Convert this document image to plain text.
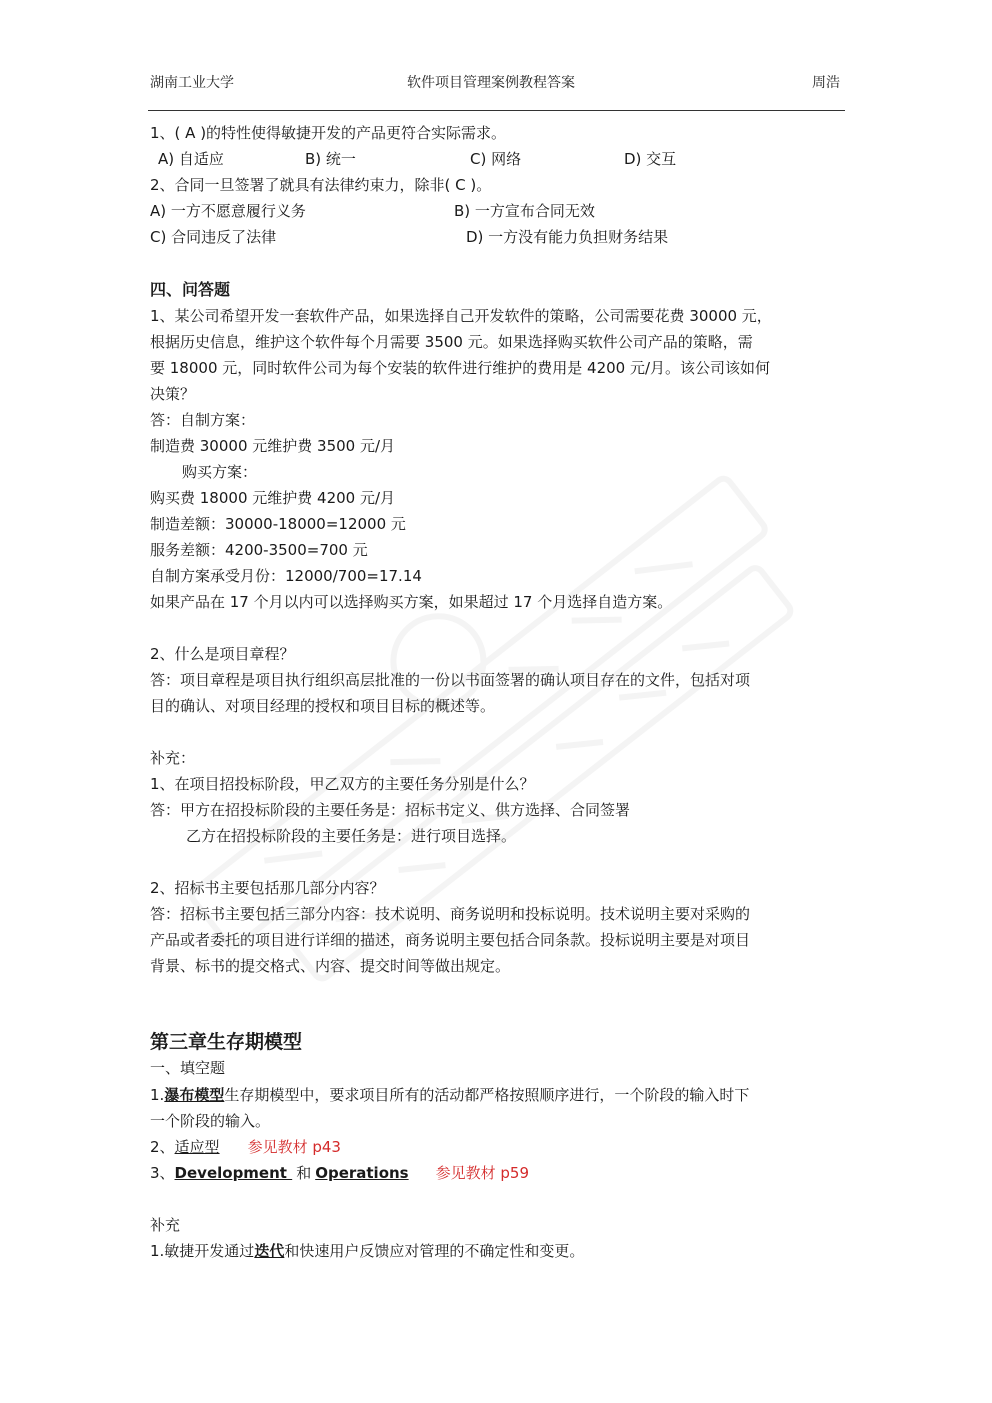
湖南工业大学	软件项目管理案例教程答案	周浩
1、( A )的特性使得敏捷开发的产品更符合实际需求。
A) 自适应	B) 统一	C) 网络	D) 交互
2、合同一旦签署了就具有法律约束力，除非( C )。
A) 一方不愿意履行义务	B) 一方宣布合同无效
C) 合同违反了法律	D) 一方没有能力负担财务结果
四、问答题
1、某公司希望开发一套软件产品，如果选择自己开发软件的策略，公司需要花费 30000 元，
根据历史信息，维护这个软件每个月需要 3500 元。如果选择购买软件公司产品的策略，需
要 18000 元，同时软件公司为每个安装的软件进行维护的费用是 4200 元/月。该公司该如何
决策？
答：自制方案：
制造费 30000 元维护费 3500 元/月
购买方案：
购买费 18000 元维护费 4200 元/月
制造差额：30000-18000=12000 元
服务差额：4200-3500=700 元
自制方案承受月份：12000/700=17.14
如果产品在 17 个月以内可以选择购买方案，如果超过 17 个月选择自造方案。
2、什么是项目章程？
答：项目章程是项目执行组织高层批准的一份以书面签署的确认项目存在的文件，包括对项
目的确认、对项目经理的授权和项目目标的概述等。
补充：
1、在项目招投标阶段，甲乙双方的主要任务分别是什么？
答：甲方在招投标阶段的主要任务是：招标书定义、供方选择、合同签署
乙方在招投标阶段的主要任务是：进行项目选择。
2、招标书主要包括那几部分内容？
答：招标书主要包括三部分内容：技术说明、商务说明和投标说明。技术说明主要对采购的
产品或者委托的项目进行详细的描述，商务说明主要包括合同条款。投标说明主要是对项目
背景、标书的提交格式、内容、提交时间等做出规定。
第三章生存期模型
一、填空题
1.瀑布模型生存期模型中，要求项目所有的活动都严格按照顺序进行，一个阶段的输入时下
一个阶段的输入。
2、适应型 参见教材 p43
3、Development 和 Operations 参见教材 p59
补充
1.敏捷开发通过迭代和快速用户反馈应对管理的不确定性和变更。
